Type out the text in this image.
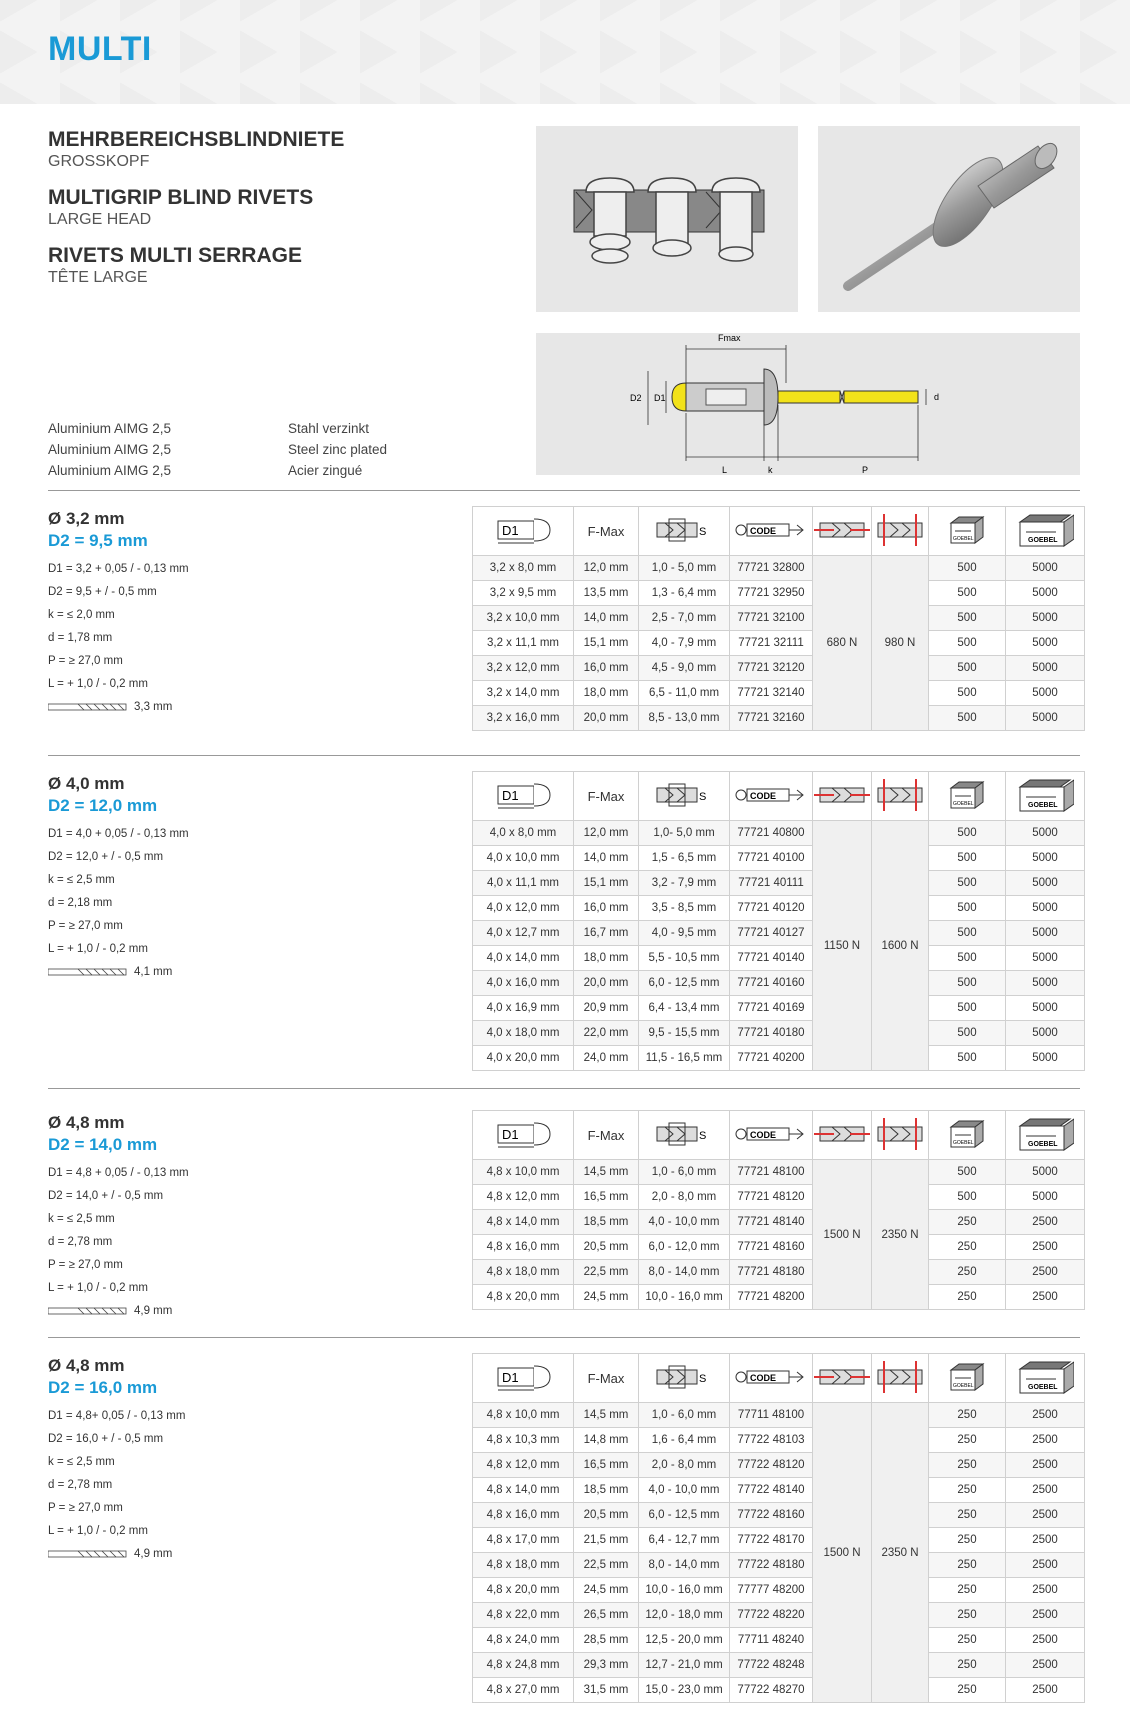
MULTI

MEHRBEREICHSBLINDNIETE

GROSSKOPF

MULTIGRIP BLIND RIVETS

LARGE HEAD

RIVETS MULTI SERRAGE

TÊTE LARGE

Aluminium AIMG 2,5
Aluminium AIMG 2,5
Aluminium AIMG 2,5
Stahl verzinkt
Steel zinc plated
Acier zingué
Fmax
D2 D1	d
L	k	P
Ø 3,2 mm
D2 = 9,5 mm
D1 = 3,2 + 0,05 / - 0,13 mm
D2 = 9,5 + / - 0,5 mm
k = ≤ 2,0 mm
d = 1,78 mm
P = ≥ 27,0 mm
L = + 1,0 / - 0,2 mm
3,3 mm
D1	F-Max	S	CODE			GOEBEL	GOEBEL

3,2 x 8,0 mm	12,0 mm	1,0 - 5,0 mm	77721 32800	680 N	980 N	500	5000
3,2 x 9,5 mm	13,5 mm	1,3 - 6,4 mm	77721 32950			500	5000
3,2 x 10,0 mm	14,0 mm	2,5 - 7,0 mm	77721 32100			500	5000
3,2 x 11,1 mm	15,1 mm	4,0 - 7,9 mm	77721 32111			500	5000
3,2 x 12,0 mm	16,0 mm	4,5 - 9,0 mm	77721 32120			500	5000
3,2 x 14,0 mm	18,0 mm	6,5 - 11,0 mm	77721 32140			500	5000
3,2 x 16,0 mm	20,0 mm	8,5 - 13,0 mm	77721 32160			500	5000
Ø 4,0 mm
D2 = 12,0 mm
D1 = 4,0 + 0,05 / - 0,13 mm
D2 = 12,0 + / - 0,5 mm
k = ≤ 2,5 mm
d = 2,18 mm
P = ≥ 27,0 mm
L = + 1,0 / - 0,2 mm
4,1 mm
D1	F-Max	S	CODE			GOEBEL	GOEBEL

4,0 x 8,0 mm	12,0 mm	1,0- 5,0 mm	77721 40800	1150 N	1600 N	500	5000
4,0 x 10,0 mm	14,0 mm	1,5 - 6,5 mm	77721 40100			500	5000
4,0 x 11,1 mm	15,1 mm	3,2 - 7,9 mm	77721 40111			500	5000
4,0 x 12,0 mm	16,0 mm	3,5 - 8,5 mm	77721 40120			500	5000
4,0 x 12,7 mm	16,7 mm	4,0 - 9,5 mm	77721 40127			500	5000
4,0 x 14,0 mm	18,0 mm	5,5 - 10,5 mm	77721 40140			500	5000
4,0 x 16,0 mm	20,0 mm	6,0 - 12,5 mm	77721 40160			500	5000
4,0 x 16,9 mm	20,9 mm	6,4 - 13,4 mm	77721 40169			500	5000
4,0 x 18,0 mm	22,0 mm	9,5 - 15,5 mm	77721 40180			500	5000
4,0 x 20,0 mm	24,0 mm	11,5 - 16,5 mm	77721 40200			500	5000
Ø 4,8 mm
D2 = 14,0 mm
D1 = 4,8 + 0,05 / - 0,13 mm
D2 = 14,0 + / - 0,5 mm
k = ≤ 2,5 mm
d = 2,78 mm
P = ≥ 27,0 mm
L = + 1,0 / - 0,2 mm
4,9 mm
D1	F-Max	S	CODE			GOEBEL	GOEBEL

4,8 x 10,0 mm	14,5 mm	1,0 - 6,0 mm	77721 48100	1500 N	2350 N	500	5000
4,8 x 12,0 mm	16,5 mm	2,0 - 8,0 mm	77721 48120			500	5000
4,8 x 14,0 mm	18,5 mm	4,0 - 10,0 mm	77721 48140			250	2500
4,8 x 16,0 mm	20,5 mm	6,0 - 12,0 mm	77721 48160			250	2500
4,8 x 18,0 mm	22,5 mm	8,0 - 14,0 mm	77721 48180			250	2500
4,8 x 20,0 mm	24,5 mm	10,0 - 16,0 mm	77721 48200			250	2500
Ø 4,8 mm
D2 = 16,0 mm
D1 = 4,8+ 0,05 / - 0,13 mm
D2 = 16,0 + / - 0,5 mm
k = ≤ 2,5 mm
d = 2,78 mm
P = ≥ 27,0 mm
L = + 1,0 / - 0,2 mm
4,9 mm
D1	F-Max	S	CODE			GOEBEL	GOEBEL

4,8 x 10,0 mm	14,5 mm	1,0 - 6,0 mm	77711 48100	1500 N	2350 N	250	2500
4,8 x 10,3 mm	14,8 mm	1,6 - 6,4 mm	77722 48103			250	2500
4,8 x 12,0 mm	16,5 mm	2,0 - 8,0 mm	77722 48120			250	2500
4,8 x 14,0 mm	18,5 mm	4,0 - 10,0 mm	77722 48140			250	2500
4,8 x 16,0 mm	20,5 mm	6,0 - 12,5 mm	77722 48160			250	2500
4,8 x 17,0 mm	21,5 mm	6,4 - 12,7 mm	77722 48170			250	2500
4,8 x 18,0 mm	22,5 mm	8,0 - 14,0 mm	77722 48180			250	2500
4,8 x 20,0 mm	24,5 mm	10,0 - 16,0 mm	77777 48200			250	2500
4,8 x 22,0 mm	26,5 mm	12,0 - 18,0 mm	77722 48220			250	2500
4,8 x 24,0 mm	28,5 mm	12,5 - 20,0 mm	77711 48240			250	2500
4,8 x 24,8 mm	29,3 mm	12,7 - 21,0 mm	77722 48248			250	2500
4,8 x 27,0 mm	31,5 mm	15,0 - 23,0 mm	77722 48270			250	2500
